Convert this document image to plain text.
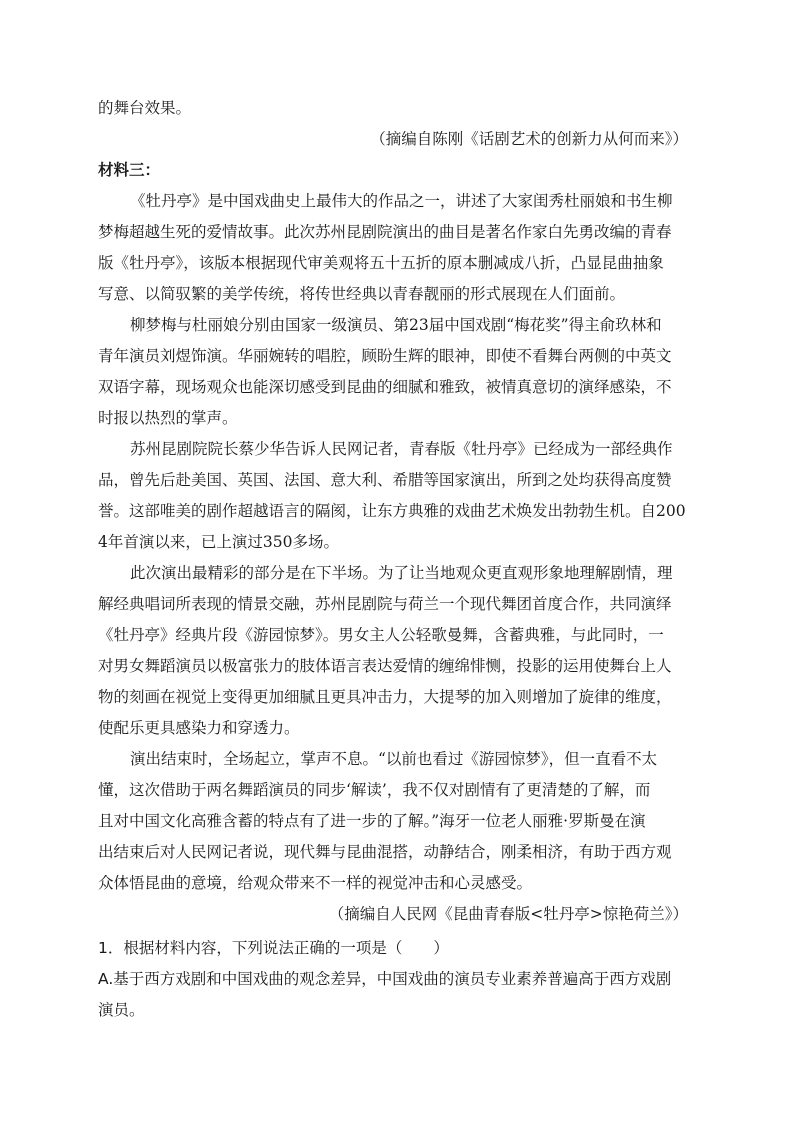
的舞台效果。
（摘编自陈刚《话剧艺术的创新力从何而来》）
材料三：
《牡丹亭》是中国戏曲史上最伟大的作品之一，讲述了大家闺秀杜丽娘和书生柳
梦梅超越生死的爱情故事。此次苏州昆剧院演出的曲目是著名作家白先勇改编的青春
版《牡丹亭》，该版本根据现代审美观将五十五折的原本删减成八折，凸显昆曲抽象
写意、以简驭繁的美学传统，将传世经典以青春靓丽的形式展现在人们面前。
柳梦梅与杜丽娘分别由国家一级演员、第23届中国戏剧“梅花奖”得主俞玖林和
青年演员刘煜饰演。华丽婉转的唱腔，顾盼生辉的眼神，即使不看舞台两侧的中英文
双语字幕，现场观众也能深切感受到昆曲的细腻和雅致，被情真意切的演绎感染，不
时报以热烈的掌声。
苏州昆剧院院长蔡少华告诉人民网记者，青春版《牡丹亭》已经成为一部经典作
品，曾先后赴美国、英国、法国、意大利、希腊等国家演出，所到之处均获得高度赞
誉。这部唯美的剧作超越语言的隔阂，让东方典雅的戏曲艺术焕发出勃勃生机。自200
4年首演以来，已上演过350多场。
此次演出最精彩的部分是在下半场。为了让当地观众更直观形象地理解剧情，理
解经典唱词所表现的情景交融，苏州昆剧院与荷兰一个现代舞团首度合作，共同演绎
《牡丹亭》经典片段《游园惊梦》。男女主人公轻歌曼舞，含蓄典雅，与此同时，一
对男女舞蹈演员以极富张力的肢体语言表达爱情的缠绵悱恻，投影的运用使舞台上人
物的刻画在视觉上变得更加细腻且更具冲击力，大提琴的加入则增加了旋律的维度，
使配乐更具感染力和穿透力。
演出结束时，全场起立，掌声不息。“以前也看过《游园惊梦》，但一直看不太
懂，这次借助于两名舞蹈演员的同步‘解读’，我不仅对剧情有了更清楚的了解，而
且对中国文化高雅含蓄的特点有了进一步的了解。”海牙一位老人丽雅·罗斯曼在演
出结束后对人民网记者说，现代舞与昆曲混搭，动静结合，刚柔相济，有助于西方观
众体悟昆曲的意境，给观众带来不一样的视觉冲击和心灵感受。
（摘编自人民网《昆曲青春版<牡丹亭>惊艳荷兰》）
1．根据材料内容，下列说法正确的一项是（　　）
A.基于西方戏剧和中国戏曲的观念差异，中国戏曲的演员专业素养普遍高于西方戏剧
演员。
